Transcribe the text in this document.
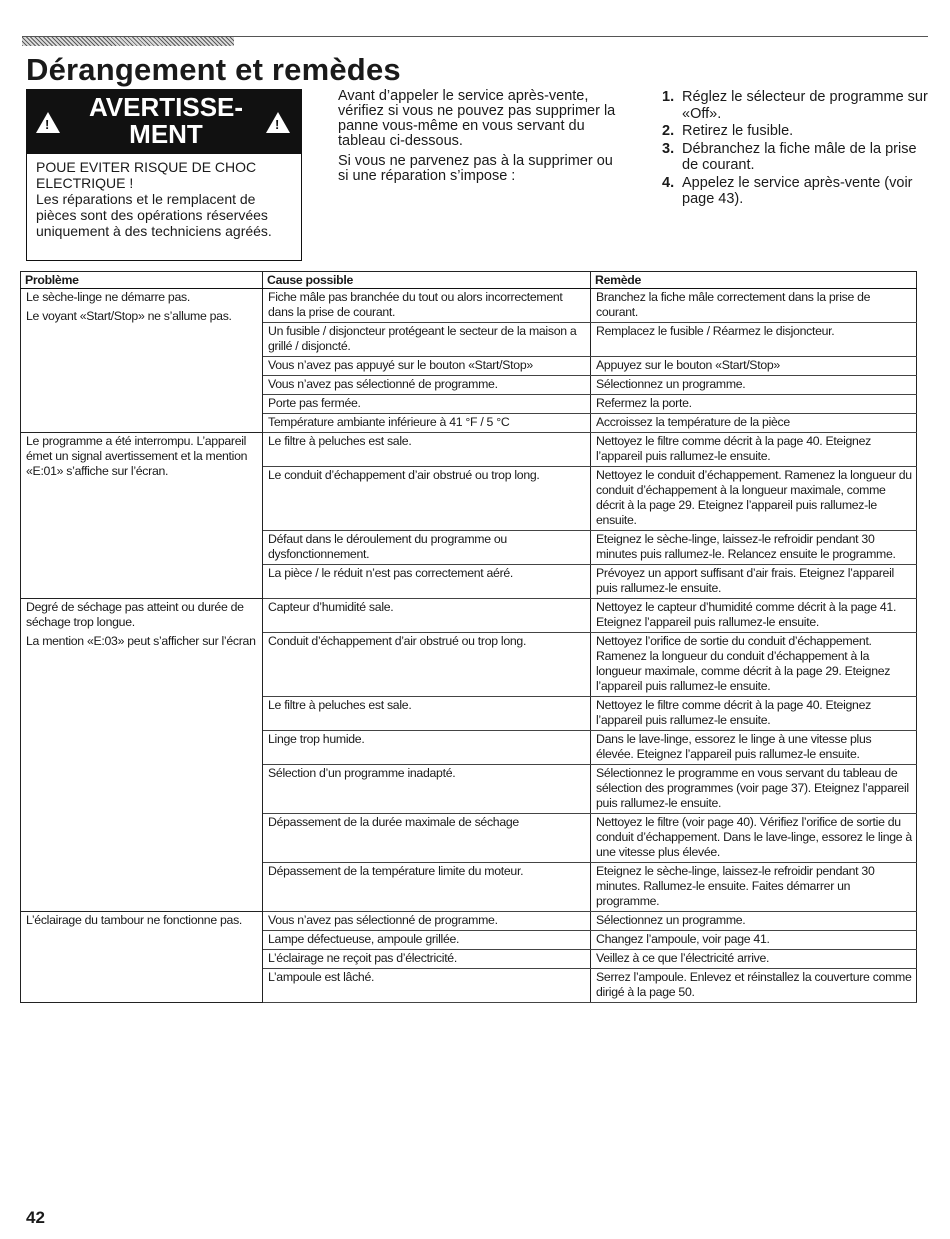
Dérangement et remèdes
!
AVERTISSE- MENT
!

POUE EVITER RISQUE DE CHOC ELECTRIQUE !

Les réparations et le remplacent de pièces sont des opérations réservées uniquement à des techniciens agréés.

Avant d’appeler le service après-vente, vérifiez si vous ne pouvez pas supprimer la panne vous-même en vous servant du tableau ci-dessous.

Si vous ne parvenez pas à la supprimer ou si une réparation s’impose :

1. Réglez le sélecteur de programme sur «Off».
2. Retirez le fusible.
3. Débranchez la fiche mâle de la prise de courant.
4. Appelez le service après-vente (voir page 43).
Problème	Cause possible	Remède

Le sèche-linge ne démarre pas.

Le voyant «Start/Stop» ne s’allume pas.	Fiche mâle pas branchée du tout ou alors incorrectement dans la prise de courant.	Branchez la fiche mâle correctement dans la prise de courant.
	Un fusible / disjoncteur protégeant le secteur de la maison a grillé / disjoncté.	Remplacez le fusible / Réarmez le disjoncteur.
	Vous n’avez pas appuyé sur le bouton «Start/Stop»	Appuyez sur le bouton «Start/Stop»
	Vous n’avez pas sélectionné de programme.	Sélectionnez un programme.
	Porte pas fermée.	Refermez la porte.
	Température ambiante inférieure à 41 °F / 5 °C	Accroissez la température de la pièce

Le programme a été interrompu. L’appareil émet un signal avertissement et la mention «E:01» s’affiche sur l’écran.	Le filtre à peluches est sale.	Nettoyez le filtre comme décrit à la page 40. Eteignez l’appareil puis rallumez-le ensuite.
	Le conduit d’échappement d’air obstrué ou trop long.	Nettoyez le conduit d’échappement. Ramenez la longueur du conduit d’échappement à la longueur maximale, comme décrit à la page 29. Eteignez l’appareil puis rallumez-le ensuite.
	Défaut dans le déroulement du programme ou dysfonctionnement.	Eteignez le sèche-linge, laissez-le refroidir pendant 30 minutes puis rallumez-le. Relancez ensuite le programme.
	La pièce / le réduit n’est pas correctement aéré.	Prévoyez un apport suffisant d’air frais. Eteignez l’appareil puis rallumez-le ensuite.

Degré de séchage pas atteint ou durée de séchage trop longue.

La mention «E:03» peut s’afficher sur l’écran	Capteur d’humidité sale.	Nettoyez le capteur d’humidité comme décrit à la page 41. Eteignez l’appareil puis rallumez-le ensuite.
	Conduit d’échappement d’air obstrué ou trop long.	Nettoyez l’orifice de sortie du conduit d’échappement. Ramenez la longueur du conduit d’échappement à la longueur maximale, comme décrit à la page 29. Eteignez l’appareil puis rallumez-le ensuite.
	Le filtre à peluches est sale.	Nettoyez le filtre comme décrit à la page 40. Eteignez l’appareil puis rallumez-le ensuite.
	Linge trop humide.	Dans le lave-linge, essorez le linge à une vitesse plus élevée. Eteignez l’appareil puis rallumez-le ensuite.
	Sélection d’un programme inadapté.	Sélectionnez le programme en vous servant du tableau de sélection des programmes (voir page 37). Eteignez l’appareil puis rallumez-le ensuite.
	Dépassement de la durée maximale de séchage	Nettoyez le filtre (voir page 40). Vérifiez l’orifice de sortie du conduit d’échappement. Dans le lave-linge, essorez le linge à une vitesse plus élevée.
	Dépassement de la température limite du moteur.	Eteignez le sèche-linge, laissez-le refroidir pendant 30 minutes. Rallumez-le ensuite. Faites démarrer un programme.

L’éclairage du tambour ne fonctionne pas.	Vous n’avez pas sélectionné de programme.	Sélectionnez un programme.
	Lampe défectueuse, ampoule grillée.	Changez l’ampoule, voir page 41.
	L’éclairage ne reçoit pas d’électricité.	Veillez à ce que l’électricité arrive.
	L’ampoule est lâché.	Serrez l’ampoule. Enlevez et réinstallez la couverture comme dirigé à la page 50.
42
